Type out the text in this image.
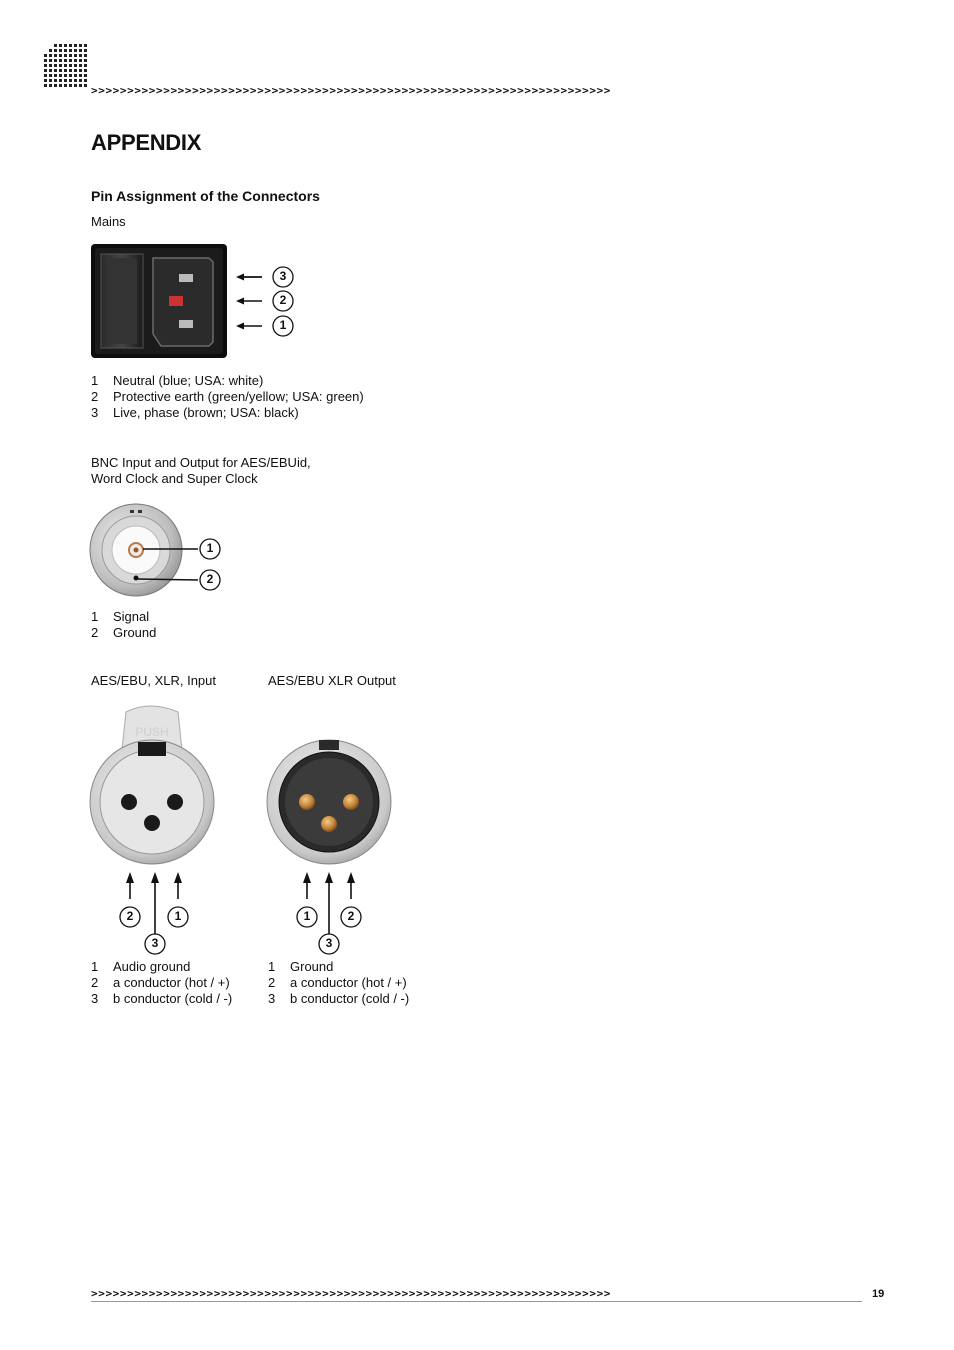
>>>>>>>>>>>>>>>>>>>>>>>>>>>>>>>>>>>>>>>>>>>>>>>>>>>>>>>>>>>>>>>>>>>>>>>>
APPENDIX
Pin Assignment of the Connectors
Mains
3
2
1
1	Neutral (blue; USA: white)
2	Protective earth (green/yellow; USA: green)
3	Live, phase (brown; USA: black)
BNC Input and Output for AES/EBUid,
Word Clock and Super Clock
1
2
1	Signal
2	Ground
AES/EBU, XLR, Input
PUSH
2	1
3
1	Audio ground
2	a conductor (hot / +)
3	b conductor (cold / -)
AES/EBU XLR Output
1	2
3
1	Ground
2	a conductor (hot / +)
3	b conductor (cold / -)
>>>>>>>>>>>>>>>>>>>>>>>>>>>>>>>>>>>>>>>>>>>>>>>>>>>>>>>>>>>>>>>>>>>>>>>>	19
